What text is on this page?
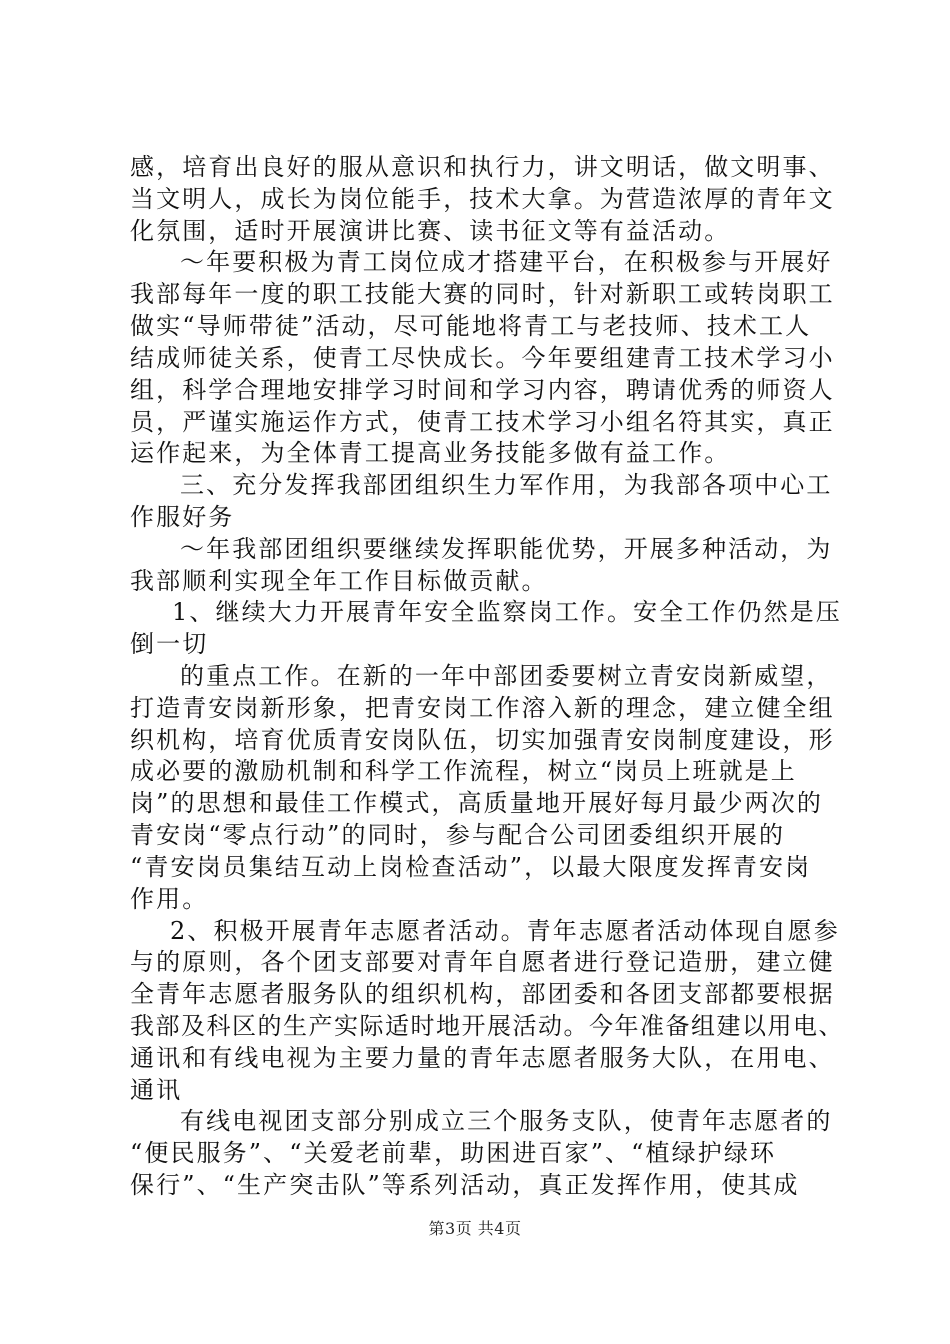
感，培育出良好的服从意识和执行力，讲文明话，做文明事、
当文明人，成长为岗位能手，技术大拿。为营造浓厚的青年文
化氛围，适时开展演讲比赛、读书征文等有益活动。
～年要积极为青工岗位成才搭建平台，在积极参与开展好
我部每年一度的职工技能大赛的同时，针对新职工或转岗职工
做实“导师带徒”活动，尽可能地将青工与老技师、技术工人
结成师徒关系，使青工尽快成长。今年要组建青工技术学习小
组，科学合理地安排学习时间和学习内容，聘请优秀的师资人
员，严谨实施运作方式，使青工技术学习小组名符其实，真正
运作起来，为全体青工提高业务技能多做有益工作。
三、充分发挥我部团组织生力军作用，为我部各项中心工
作服好务
～年我部团组织要继续发挥职能优势，开展多种活动，为
我部顺利实现全年工作目标做贡献。
1、继续大力开展青年安全监察岗工作。安全工作仍然是压
倒一切
的重点工作。在新的一年中部团委要树立青安岗新威望，
打造青安岗新形象，把青安岗工作溶入新的理念，建立健全组
织机构，培育优质青安岗队伍，切实加强青安岗制度建设，形
成必要的激励机制和科学工作流程，树立“岗员上班就是上
岗”的思想和最佳工作模式，高质量地开展好每月最少两次的
青安岗“零点行动”的同时，参与配合公司团委组织开展的
“青安岗员集结互动上岗检查活动”，以最大限度发挥青安岗
作用。
2、积极开展青年志愿者活动。青年志愿者活动体现自愿参
与的原则，各个团支部要对青年自愿者进行登记造册，建立健
全青年志愿者服务队的组织机构，部团委和各团支部都要根据
我部及科区的生产实际适时地开展活动。今年准备组建以用电、
通讯和有线电视为主要力量的青年志愿者服务大队，在用电、
通讯
有线电视团支部分别成立三个服务支队，使青年志愿者的
“便民服务”、“关爱老前辈，助困进百家”、“植绿护绿环
保行”、“生产突击队”等系列活动，真正发挥作用，使其成
第3页 共4页
